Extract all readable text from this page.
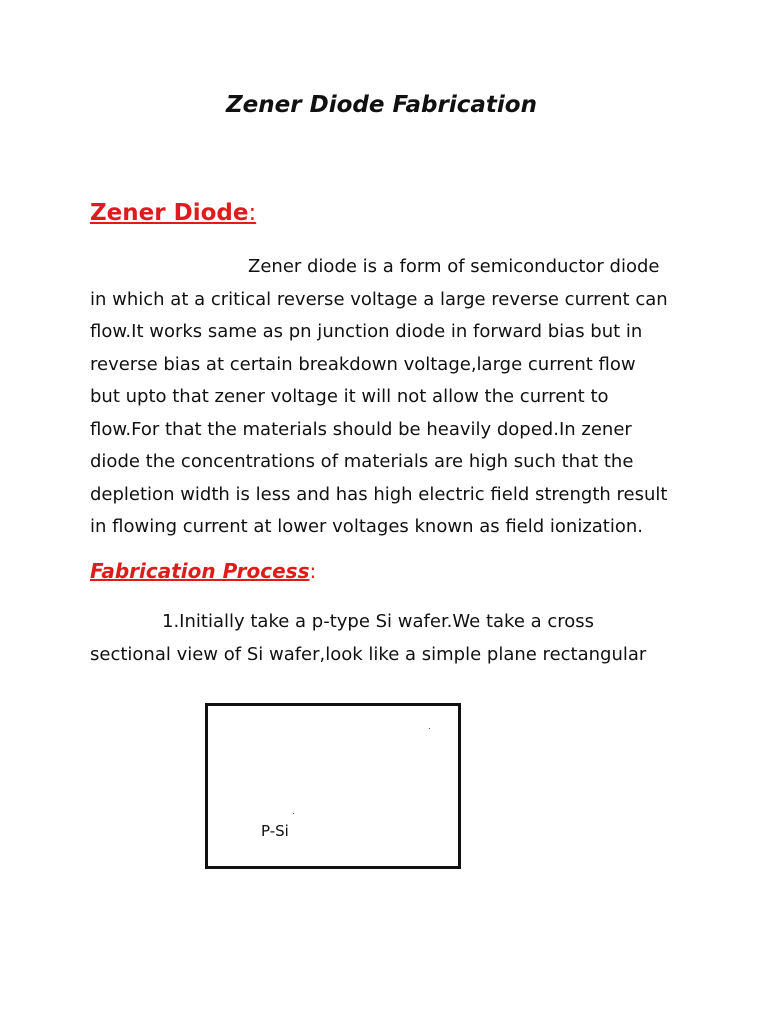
Zener Diode Fabrication
Zener Diode:
Zener diode is a form of semiconductor diode
in which at a critical reverse voltage a large reverse current can
flow.It works same as pn junction diode in forward bias but in
reverse bias at certain breakdown voltage,large current flow
but upto that zener voltage it will not allow the current to
flow.For that the materials should be heavily doped.In zener
diode the concentrations of materials are high such that the
depletion width is less and has high electric field strength result
in flowing current at lower voltages known as field ionization.
Fabrication Process:
1.Initially take a p-type Si wafer.We take a cross
sectional view of Si wafer,look like a simple plane rectangular
P-Si
